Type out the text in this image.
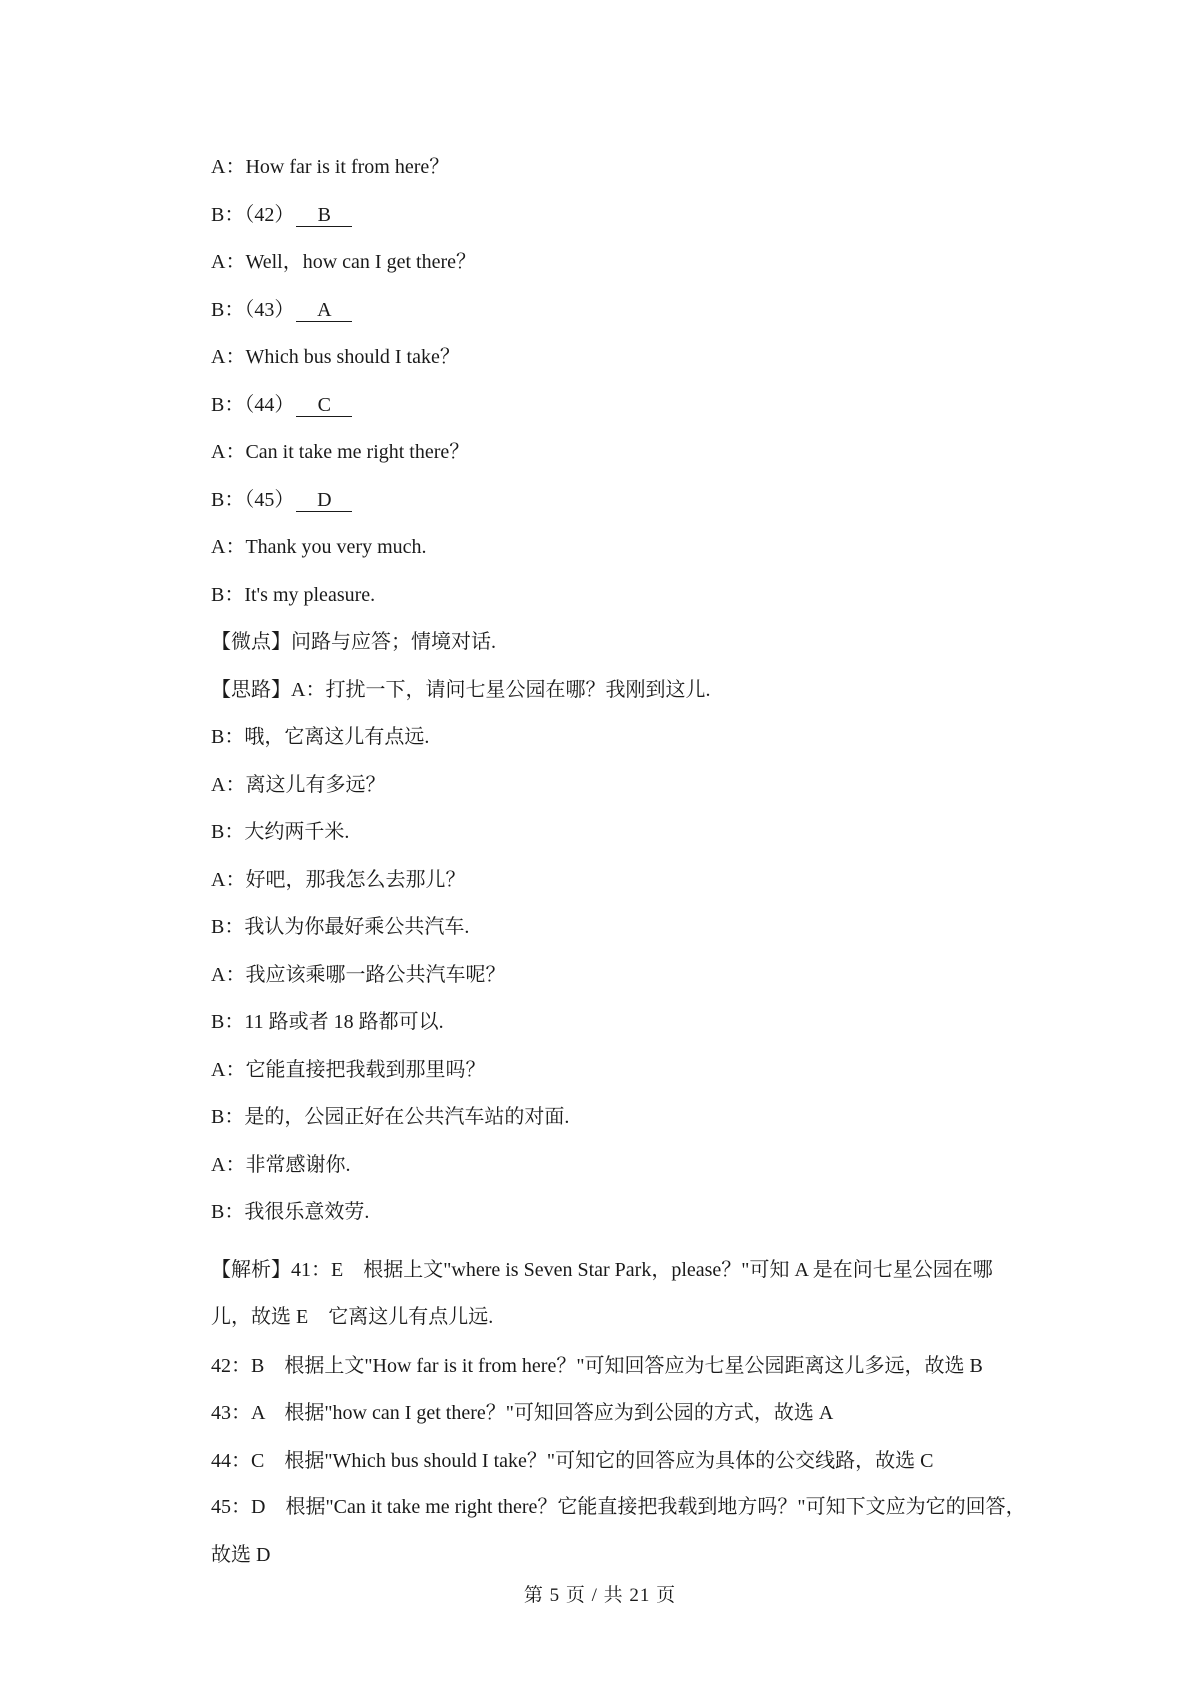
A：How far is it from here？
B：（42） B
A：Well，how can I get there？
B：（43） A
A：Which bus should I take？
B：（44） C
A：Can it take me right there？
B：（45） D
A：Thank you very much.
B：It's my pleasure.
【微点】问路与应答；情境对话.
【思路】A：打扰一下，请问七星公园在哪？我刚到这儿.
B：哦，它离这儿有点远.
A：离这儿有多远？
B：大约两千米.
A：好吧，那我怎么去那儿？
B：我认为你最好乘公共汽车.
A：我应该乘哪一路公共汽车呢？
B：11 路或者 18 路都可以.
A：它能直接把我载到那里吗？
B：是的，公园正好在公共汽车站的对面.
A：非常感谢你.
B：我很乐意效劳.
【解析】41：E　根据上文"where is Seven Star Park，please？"可知 A 是在问七星公园在哪儿，故选 E　它离这儿有点儿远.
42：B　根据上文"How far is it from here？"可知回答应为七星公园距离这儿多远，故选 B
43：A　根据"how can I get there？"可知回答应为到公园的方式，故选 A
44：C　根据"Which bus should I take？"可知它的回答应为具体的公交线路，故选 C
45：D　根据"Can it take me right there？它能直接把我载到地方吗？"可知下文应为它的回答，故选 D
第 5 页 / 共 21 页
